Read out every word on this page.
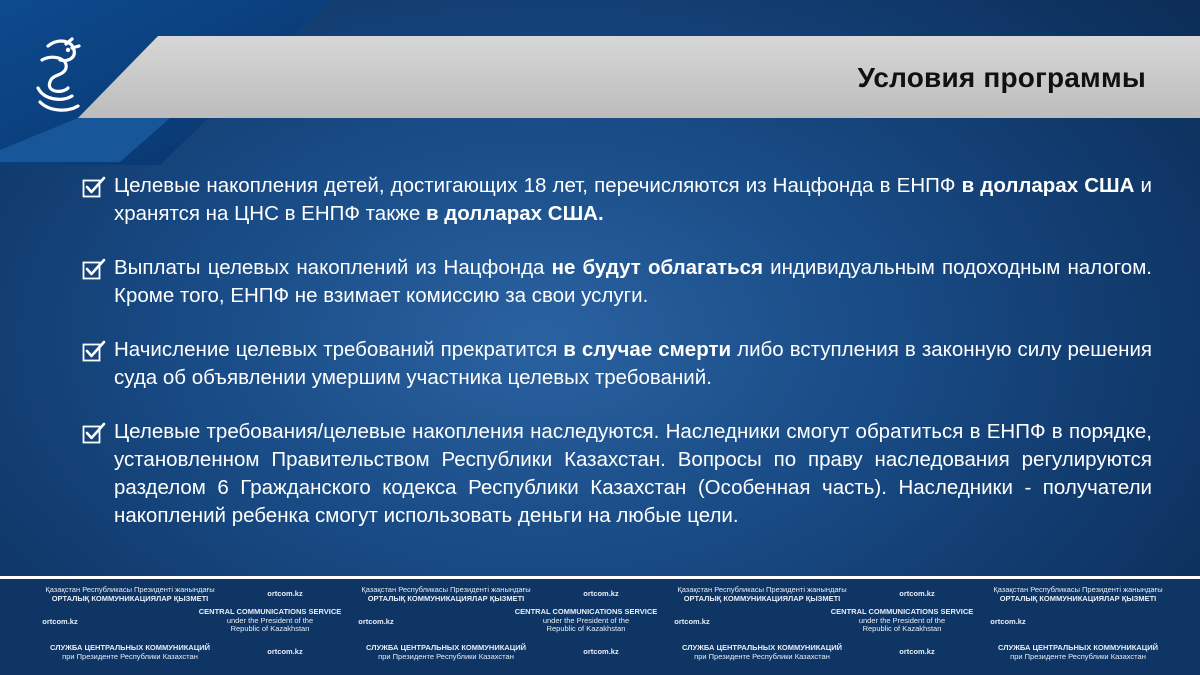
Условия программы
Целевые накопления детей, достигающих 18 лет, перечисляются из Нацфонда в ЕНПФ в долларах США и хранятся на ЦНС в ЕНПФ также в долларах США.
Выплаты целевых накоплений из Нацфонда не будут облагаться индивидуальным подоходным налогом. Кроме того, ЕНПФ не взимает комиссию за свои услуги.
Начисление целевых требований прекратится в случае смерти либо вступления в законную силу решения суда об объявлении умершим участника целевых требований.
Целевые требования/целевые накопления наследуются. Наследники смогут обратиться в ЕНПФ в порядке, установленном Правительством Республики Казахстан. Вопросы по праву наследования регулируются разделом 6 Гражданского кодекса Республики Казахстан (Особенная часть). Наследники - получатели накоплений ребенка смогут использовать деньги на любые цели.
Қазақстан Республикасы Президенті жанындағы
ОРТАЛЫҚ КОММУНИКАЦИЯЛАР ҚЫЗМЕТІ	ortcom.kz
ortcom.kz
CENTRAL COMMUNICATIONS SERVICE
under the President of the
Republic of Kazakhstan
СЛУЖБА ЦЕНТРАЛЬНЫХ КОММУНИКАЦИЙ
при Президенте Республики Казахстан	ortcom.kz
Қазақстан Республикасы Президенті жанындағы
ОРТАЛЫҚ КОММУНИКАЦИЯЛАР ҚЫЗМЕТІ	ortcom.kz
ortcom.kz
CENTRAL COMMUNICATIONS SERVICE
under the President of the
Republic of Kazakhstan
СЛУЖБА ЦЕНТРАЛЬНЫХ КОММУНИКАЦИЙ
при Президенте Республики Казахстан	ortcom.kz
Қазақстан Республикасы Президенті жанындағы
ОРТАЛЫҚ КОММУНИКАЦИЯЛАР ҚЫЗМЕТІ	ortcom.kz
ortcom.kz
CENTRAL COMMUNICATIONS SERVICE
under the President of the
Republic of Kazakhstan
СЛУЖБА ЦЕНТРАЛЬНЫХ КОММУНИКАЦИЙ
при Президенте Республики Казахстан	ortcom.kz
Қазақстан Республикасы Президенті жанындағы
ОРТАЛЫҚ КОММУНИКАЦИЯЛАР ҚЫЗМЕТІ
ortcom.kz
СЛУЖБА ЦЕНТРАЛЬНЫХ КОММУНИКАЦИЙ
при Президенте Республики Казахстан
